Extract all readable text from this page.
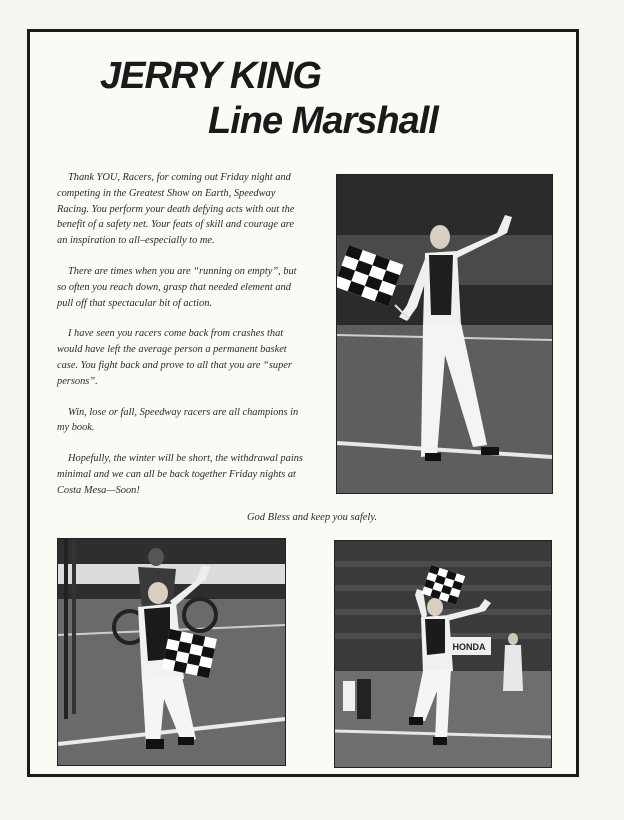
JERRY KING
Line Marshall

Thank YOU, Racers, for coming out Friday night and competing in the Greatest Show on Earth, Speedway Racing. You perform your death defying acts with out the benefit of a safety net. Your feats of skill and courage are an inspiration to all–especially to me.

There are times when you are “running on empty”, but so often you reach down, grasp that needed element and pull off that spectacular bit of action.

I have seen you racers come back from crashes that would have left the average person a permanent basket case. You fight back and prove to all that you are “super persons”.

Win, lose or fall, Speedway racers are all champions in my book.

Hopefully, the winter will be short, the withdrawal pains minimal and we can all be back together Friday nights at Costa Mesa—Soon!

God Bless and keep you safely.

HONDA
